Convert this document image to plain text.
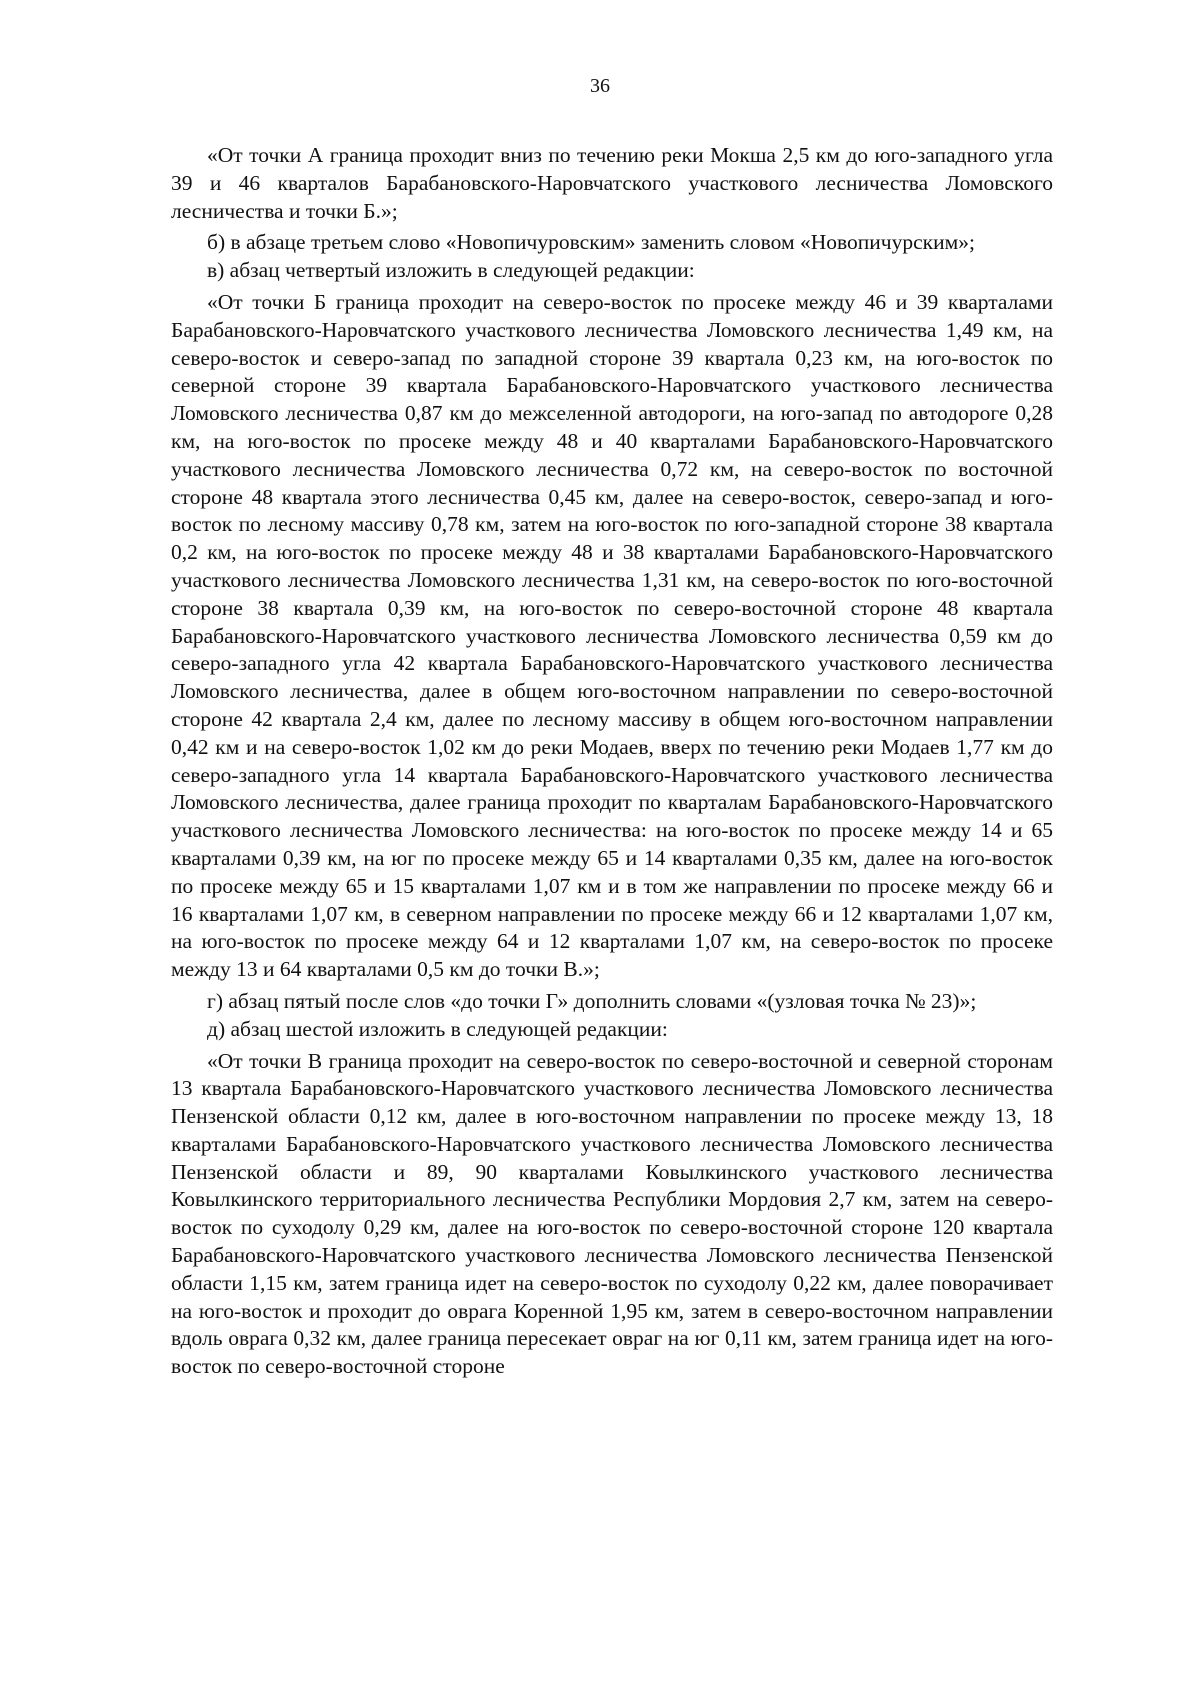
36

«От точки А граница проходит вниз по течению реки Мокша 2,5 км до юго-западного угла 39 и 46 кварталов Барабановского-Наровчатского участкового лесничества Ломовского лесничества и точки Б.»;

б) в абзаце третьем слово «Новопичуровским» заменить словом «Новопичурским»;

в) абзац четвертый изложить в следующей редакции:

«От точки Б граница проходит на северо-восток по просеке между 46 и 39 кварталами Барабановского-Наровчатского участкового лесничества Ломовского лесничества 1,49 км, на северо-восток и северо-запад по западной стороне 39 квартала 0,23 км, на юго-восток по северной стороне 39 квартала Барабановского-Наровчатского участкового лесничества Ломовского лесничества 0,87 км до межселенной автодороги, на юго-запад по автодороге 0,28 км, на юго-восток по просеке между 48 и 40 кварталами Барабановского-Наровчатского участкового лесничества Ломовского лесничества 0,72 км, на северо-восток по восточной стороне 48 квартала этого лесничества 0,45 км, далее на северо-восток, северо-запад и юго-восток по лесному массиву 0,78 км, затем на юго-восток по юго-западной стороне 38 квартала 0,2 км, на юго-восток по просеке между 48 и 38 кварталами Барабановского-Наровчатского участкового лесничества Ломовского лесничества 1,31 км, на северо-восток по юго-восточной стороне 38 квартала 0,39 км, на юго-восток по северо-восточной стороне 48 квартала Барабановского-Наровчатского участкового лесничества Ломовского лесничества 0,59 км до северо-западного угла 42 квартала Барабановского-Наровчатского участкового лесничества Ломовского лесничества, далее в общем юго-восточном направлении по северо-восточной стороне 42 квартала 2,4 км, далее по лесному массиву в общем юго-восточном направлении 0,42 км и на северо-восток 1,02 км до реки Модаев, вверх по течению реки Модаев 1,77 км до северо-западного угла 14 квартала Барабановского-Наровчатского участкового лесничества Ломовского лесничества, далее граница проходит по кварталам Барабановского-Наровчатского участкового лесничества Ломовского лесничества: на юго-восток по просеке между 14 и 65 кварталами 0,39 км, на юг по просеке между 65 и 14 кварталами 0,35 км, далее на юго-восток по просеке между 65 и 15 кварталами 1,07 км и в том же направлении по просеке между 66 и 16 кварталами 1,07 км, в северном направлении по просеке между 66 и 12 кварталами 1,07 км, на юго-восток по просеке между 64 и 12 кварталами 1,07 км, на северо-восток по просеке между 13 и 64 кварталами 0,5 км до точки В.»;

г) абзац пятый после слов «до точки Г» дополнить словами «(узловая точка № 23)»;

д) абзац шестой изложить в следующей редакции:

«От точки В граница проходит на северо-восток по северо-восточной и северной сторонам 13 квартала Барабановского-Наровчатского участкового лесничества Ломовского лесничества Пензенской области 0,12 км, далее в юго-восточном направлении по просеке между 13, 18 кварталами Барабановского-Наровчатского участкового лесничества Ломовского лесничества Пензенской области и 89, 90 кварталами Ковылкинского участкового лесничества Ковылкинского территориального лесничества Республики Мордовия 2,7 км, затем на северо-восток по суходолу 0,29 км, далее на юго-восток по северо-восточной стороне 120 квартала Барабановского-Наровчатского участкового лесничества Ломовского лесничества Пензенской области 1,15 км, затем граница идет на северо-восток по суходолу 0,22 км, далее поворачивает на юго-восток и проходит до оврага Коренной 1,95 км, затем в северо-восточном направлении вдоль оврага 0,32 км, далее граница пересекает овраг на юг 0,11 км, затем граница идет на юго-восток по северо-восточной стороне
